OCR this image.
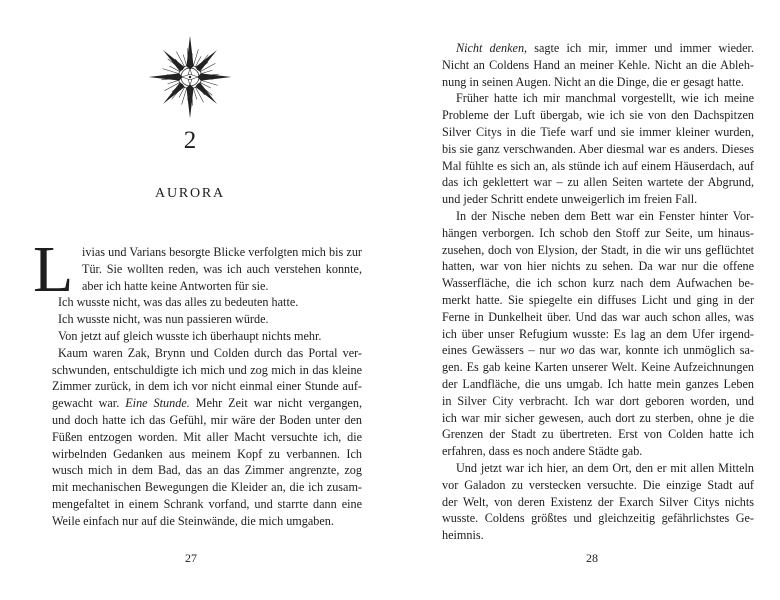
2
AURORA
L ivias und Varians besorgte Blicke verfolgten mich bis zur
Tür. Sie wollten reden, was ich auch verstehen konnte,
aber ich hatte keine Antworten für sie.
Ich wusste nicht, was das alles zu bedeuten hatte.
Ich wusste nicht, was nun passieren würde.
Von jetzt auf gleich wusste ich überhaupt nichts mehr.
Kaum waren Zak, Brynn und Colden durch das Portal ver-
schwunden, entschuldigte ich mich und zog mich in das kleine
Zimmer zurück, in dem ich vor nicht einmal einer Stunde auf-
gewacht war. Eine Stunde. Mehr Zeit war nicht vergangen,
und doch hatte ich das Gefühl, mir wäre der Boden unter den
Füßen entzogen worden. Mit aller Macht versuchte ich, die
wirbelnden Gedanken aus meinem Kopf zu verbannen. Ich
wusch mich in dem Bad, das an das Zimmer angrenzte, zog
mit mechanischen Bewegungen die Kleider an, die ich zusam-
mengefaltet in einem Schrank vorfand, und starrte dann eine
Weile einfach nur auf die Steinwände, die mich umgaben.
27
Nicht denken, sagte ich mir, immer und immer wieder.
Nicht an Coldens Hand an meiner Kehle. Nicht an die Ableh-
nung in seinen Augen. Nicht an die Dinge, die er gesagt hatte.
Früher hatte ich mir manchmal vorgestellt, wie ich meine
Probleme der Luft übergab, wie ich sie von den Dachspitzen
Silver Citys in die Tiefe warf und sie immer kleiner wurden,
bis sie ganz verschwanden. Aber diesmal war es anders. Dieses
Mal fühlte es sich an, als stünde ich auf einem Häuserdach, auf
das ich geklettert war – zu allen Seiten wartete der Abgrund,
und jeder Schritt endete unweigerlich im freien Fall.
In der Nische neben dem Bett war ein Fenster hinter Vor-
hängen verborgen. Ich schob den Stoff zur Seite, um hinaus-
zusehen, doch von Elysion, der Stadt, in die wir uns geflüchtet
hatten, war von hier nichts zu sehen. Da war nur die offene
Wasserfläche, die ich schon kurz nach dem Aufwachen be-
merkt hatte. Sie spiegelte ein diffuses Licht und ging in der
Ferne in Dunkelheit über. Und das war auch schon alles, was
ich über unser Refugium wusste: Es lag an dem Ufer irgend-
eines Gewässers – nur wo das war, konnte ich unmöglich sa-
gen. Es gab keine Karten unserer Welt. Keine Aufzeichnungen
der Landfläche, die uns umgab. Ich hatte mein ganzes Leben
in Silver City verbracht. Ich war dort geboren worden, und
ich war mir sicher gewesen, auch dort zu sterben, ohne je die
Grenzen der Stadt zu übertreten. Erst von Colden hatte ich
erfahren, dass es noch andere Städte gab.
Und jetzt war ich hier, an dem Ort, den er mit allen Mitteln
vor Galadon zu verstecken versuchte. Die einzige Stadt auf
der Welt, von deren Existenz der Exarch Silver Citys nichts
wusste. Coldens größtes und gleichzeitig gefährlichstes Ge-
heimnis.
28
